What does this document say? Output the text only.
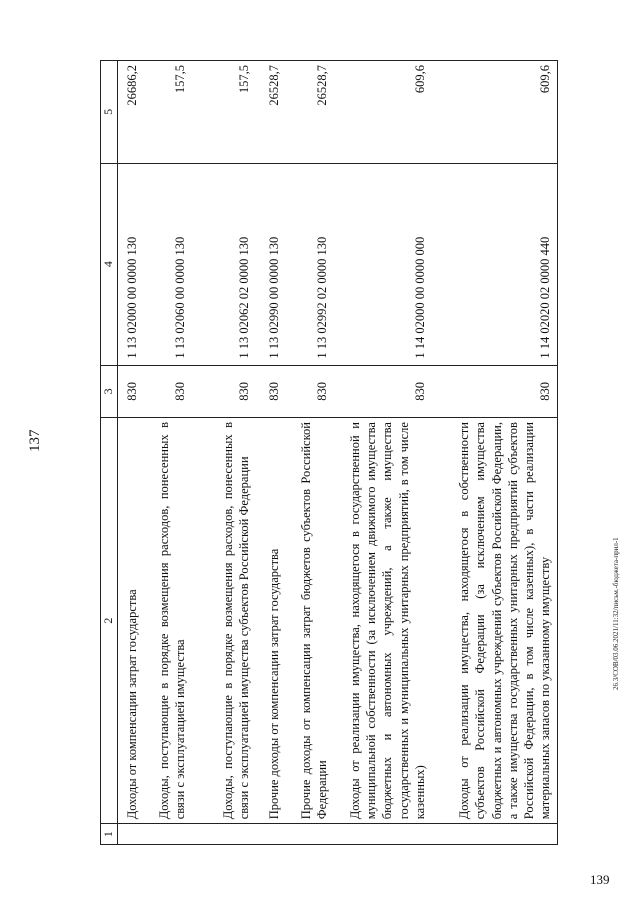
137
26.3/СОВ/03.06.2021/11:32/письм.-бюджета-прил-1
139
1	2	3	4	5
	Доходы от компенсации затрат государства	830	1 13 02000 00 0000 130	26686,2
	Доходы, поступающие в порядке возмещения расходов, понесенных в связи с эксплуатацией имущества	830	1 13 02060 00 0000 130	157,5
	Доходы, поступающие в порядке возмещения расходов, понесенных в связи с эксплуатацией имущества субъектов Российской Федерации	830	1 13 02062 02 0000 130	157,5
	Прочие доходы от компенсации затрат государства	830	1 13 02990 00 0000 130	26528,7
	Прочие доходы от компенсации затрат бюджетов субъектов Российской Федерации	830	1 13 02992 02 0000 130	26528,7
	Доходы от реализации имущества, находящегося в государственной и муниципальной собственности (за исключением движимого имущества бюджетных и автономных учреждений, а также имущества государственных и муниципальных унитарных предприятий, в том числе казенных)	830	1 14 02000 00 0000 000	609,6
	Доходы от реализации имущества, находящегося в собственности субъектов Российской Федерации (за исключением имущества бюджетных и автономных учреждений субъектов Российской Федерации, а также имущества государственных унитарных предприятий субъектов Российской Федерации, в том числе казенных), в части реализации материальных запасов по указанному имуществу	830	1 14 02020 02 0000 440	609,6
